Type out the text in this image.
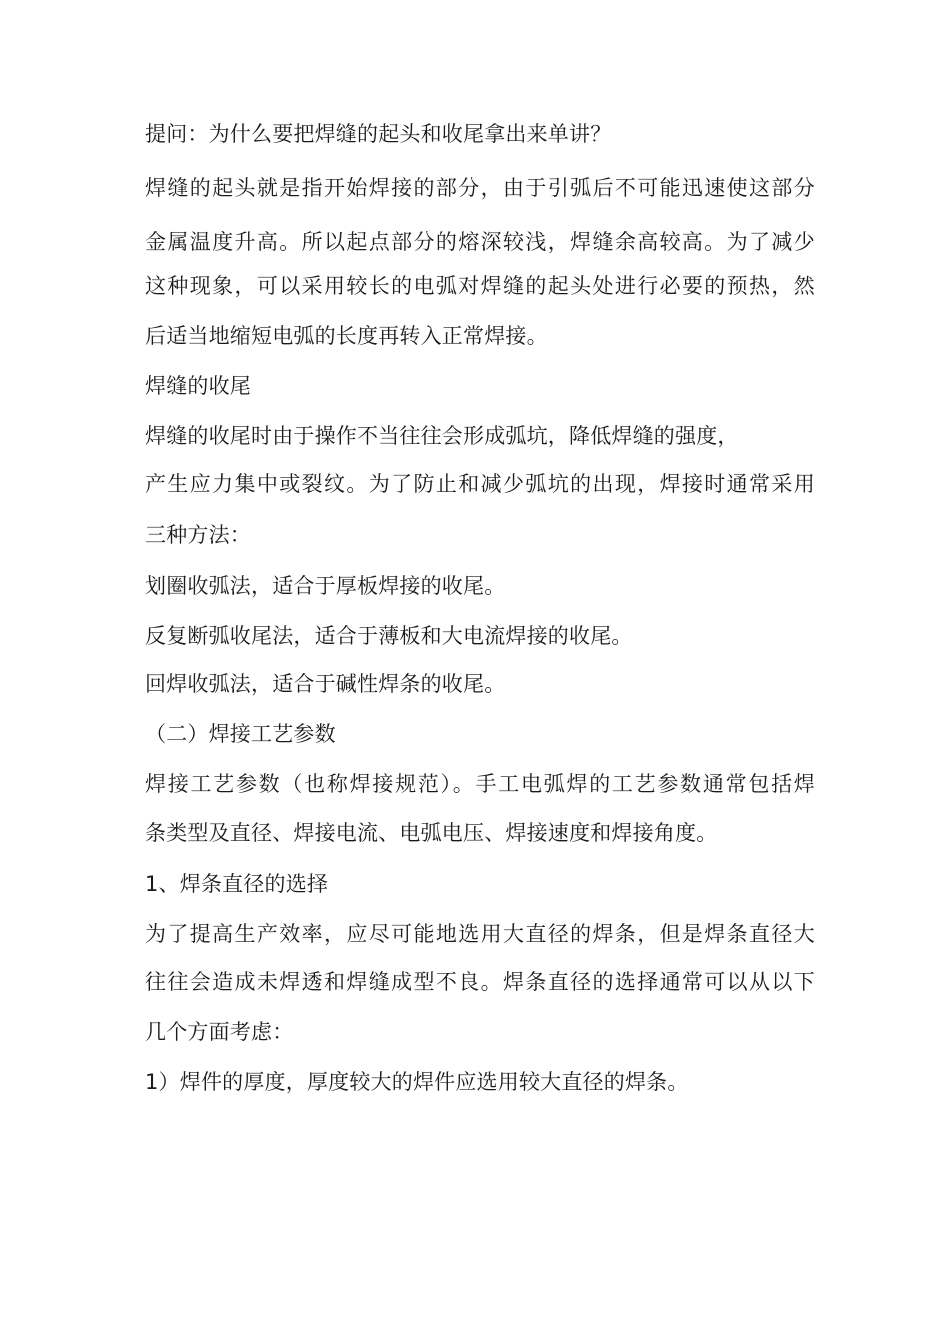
提问：为什么要把焊缝的起头和收尾拿出来单讲？
焊缝的起头就是指开始焊接的部分，由于引弧后不可能迅速使这部分
金属温度升高。所以起点部分的熔深较浅，焊缝余高较高。为了减少
这种现象，可以采用较长的电弧对焊缝的起头处进行必要的预热，然
后适当地缩短电弧的长度再转入正常焊接。
焊缝的收尾
焊缝的收尾时由于操作不当往往会形成弧坑，降低焊缝的强度，
产生应力集中或裂纹。为了防止和减少弧坑的出现，焊接时通常采用
三种方法：
划圈收弧法，适合于厚板焊接的收尾。
反复断弧收尾法，适合于薄板和大电流焊接的收尾。
回焊收弧法，适合于碱性焊条的收尾。
（二）焊接工艺参数
焊接工艺参数（也称焊接规范）。手工电弧焊的工艺参数通常包括焊
条类型及直径、焊接电流、电弧电压、焊接速度和焊接角度。
1、焊条直径的选择
为了提高生产效率，应尽可能地选用大直径的焊条，但是焊条直径大
往往会造成未焊透和焊缝成型不良。焊条直径的选择通常可以从以下
几个方面考虑：
1）焊件的厚度，厚度较大的焊件应选用较大直径的焊条。
